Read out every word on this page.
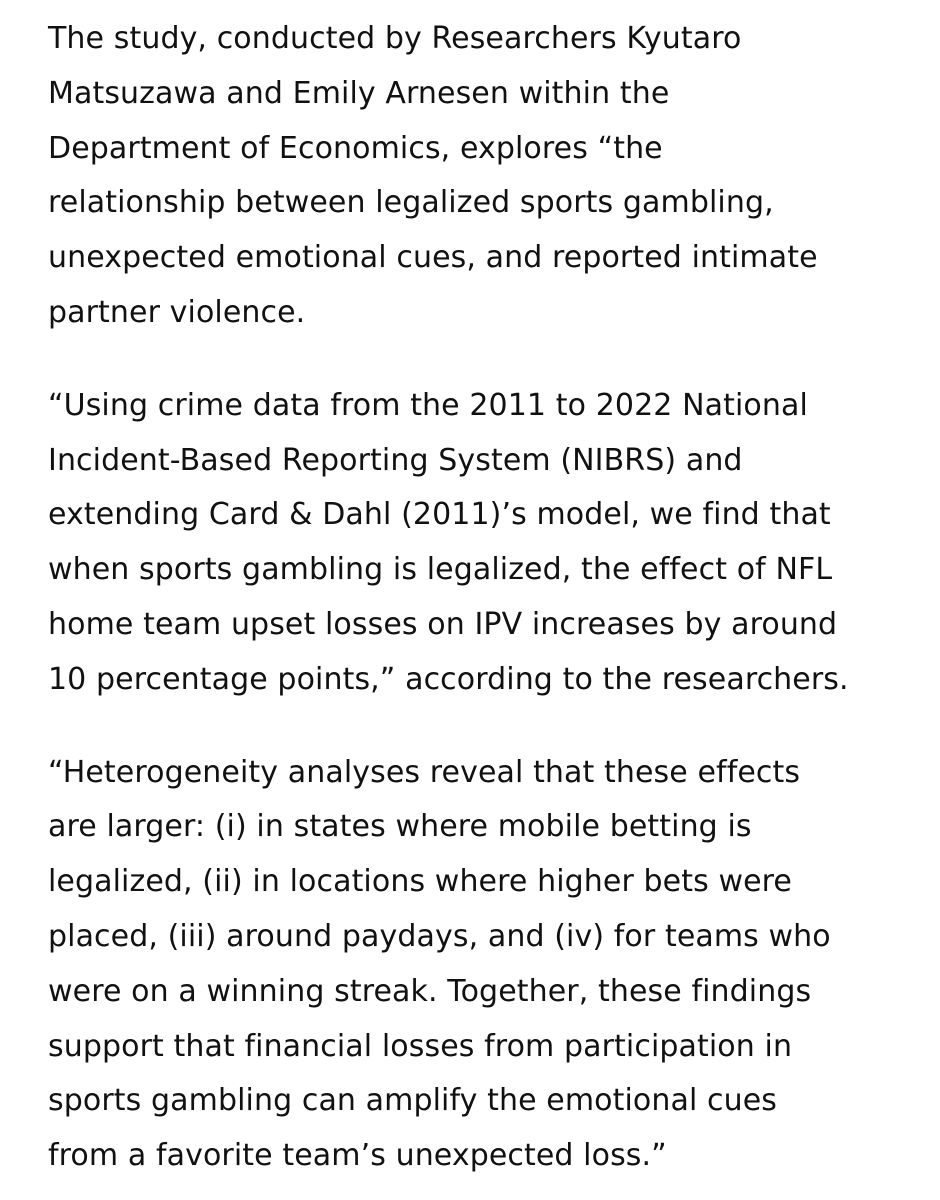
The study, conducted by Researchers Kyutaro
Matsuzawa and Emily Arnesen within the
Department of Economics, explores “the
relationship between legalized sports gambling,
unexpected emotional cues, and reported intimate
partner violence.

“Using crime data from the 2011 to 2022 National
Incident-Based Reporting System (NIBRS) and
extending Card & Dahl (2011)’s model, we find that
when sports gambling is legalized, the effect of NFL
home team upset losses on IPV increases by around
10 percentage points,” according to the researchers.

“Heterogeneity analyses reveal that these effects
are larger: (i) in states where mobile betting is
legalized, (ii) in locations where higher bets were
placed, (iii) around paydays, and (iv) for teams who
were on a winning streak. Together, these findings
support that financial losses from participation in
sports gambling can amplify the emotional cues
from a favorite team’s unexpected loss.”
